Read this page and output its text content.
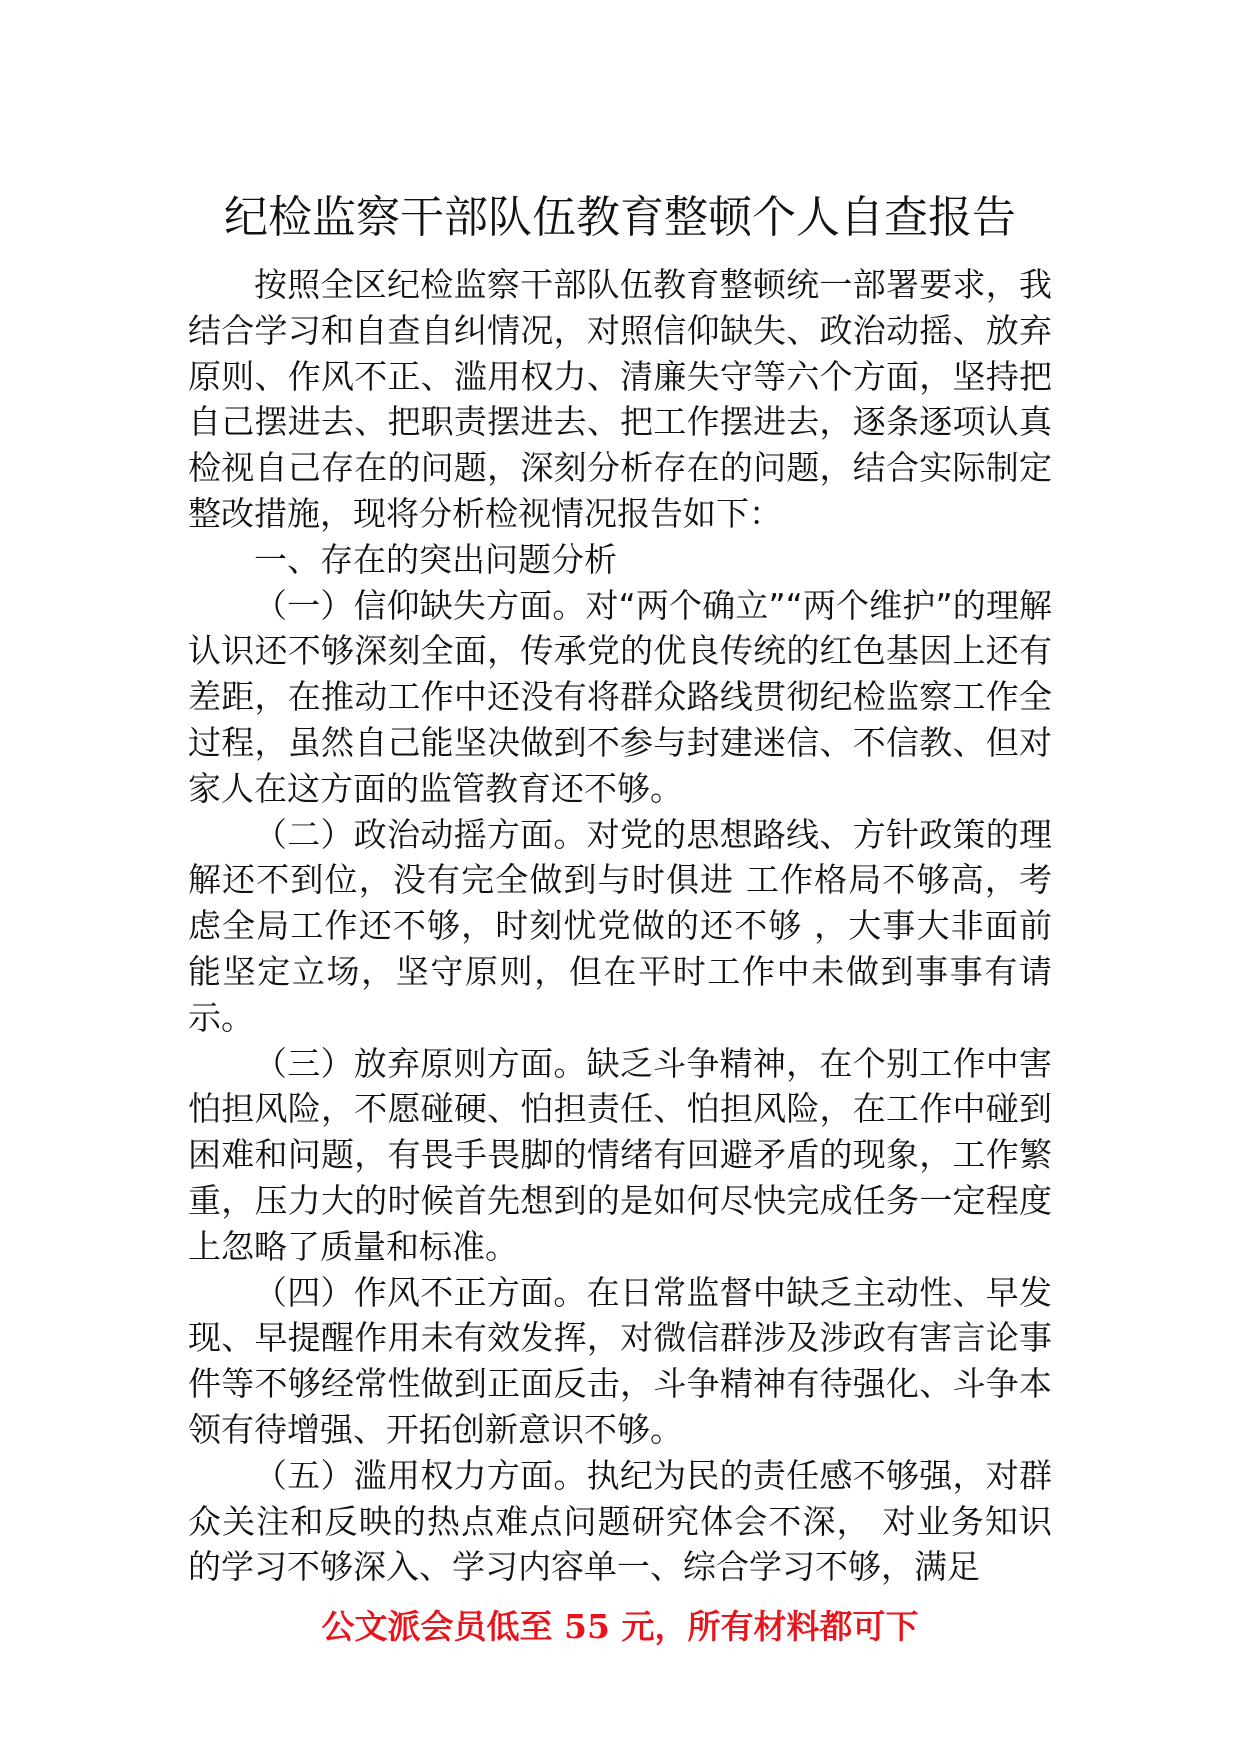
纪检监察干部队伍教育整顿个人自查报告

按照全区纪检监察干部队伍教育整顿统一部署要求，我结合学习和自查自纠情况，对照信仰缺失、政治动摇、放弃原则、作风不正、滥用权力、清廉失守等六个方面，坚持把自己摆进去、把职责摆进去、把工作摆进去，逐条逐项认真检视自己存在的问题，深刻分析存在的问题，结合实际制定整改措施，现将分析检视情况报告如下：

一、存在的突出问题分析

（一）信仰缺失方面。对“两个确立”“两个维护”的理解认识还不够深刻全面，传承党的优良传统的红色基因上还有差距，在推动工作中还没有将群众路线贯彻纪检监察工作全过程，虽然自己能坚决做到不参与封建迷信、不信教、但对家人在这方面的监管教育还不够。

（二）政治动摇方面。对党的思想路线、方针政策的理解还不到位，没有完全做到与时俱进 工作格局不够高，考虑全局工作还不够，时刻忧党做的还不够 ，大事大非面前能坚定立场，坚守原则，但在平时工作中未做到事事有请示。

（三）放弃原则方面。缺乏斗争精神，在个别工作中害怕担风险，不愿碰硬、怕担责任、怕担风险，在工作中碰到困难和问题，有畏手畏脚的情绪有回避矛盾的现象，工作繁重，压力大的时候首先想到的是如何尽快完成任务一定程度上忽略了质量和标准。

（四）作风不正方面。在日常监督中缺乏主动性、早发现、早提醒作用未有效发挥，对微信群涉及涉政有害言论事件等不够经常性做到正面反击，斗争精神有待强化、斗争本领有待增强、开拓创新意识不够。

（五）滥用权力方面。执纪为民的责任感不够强，对群众关注和反映的热点难点问题研究体会不深， 对业务知识的学习不够深入、学习内容单一、综合学习不够，满足

公文派会员低至 55 元，所有材料都可下
